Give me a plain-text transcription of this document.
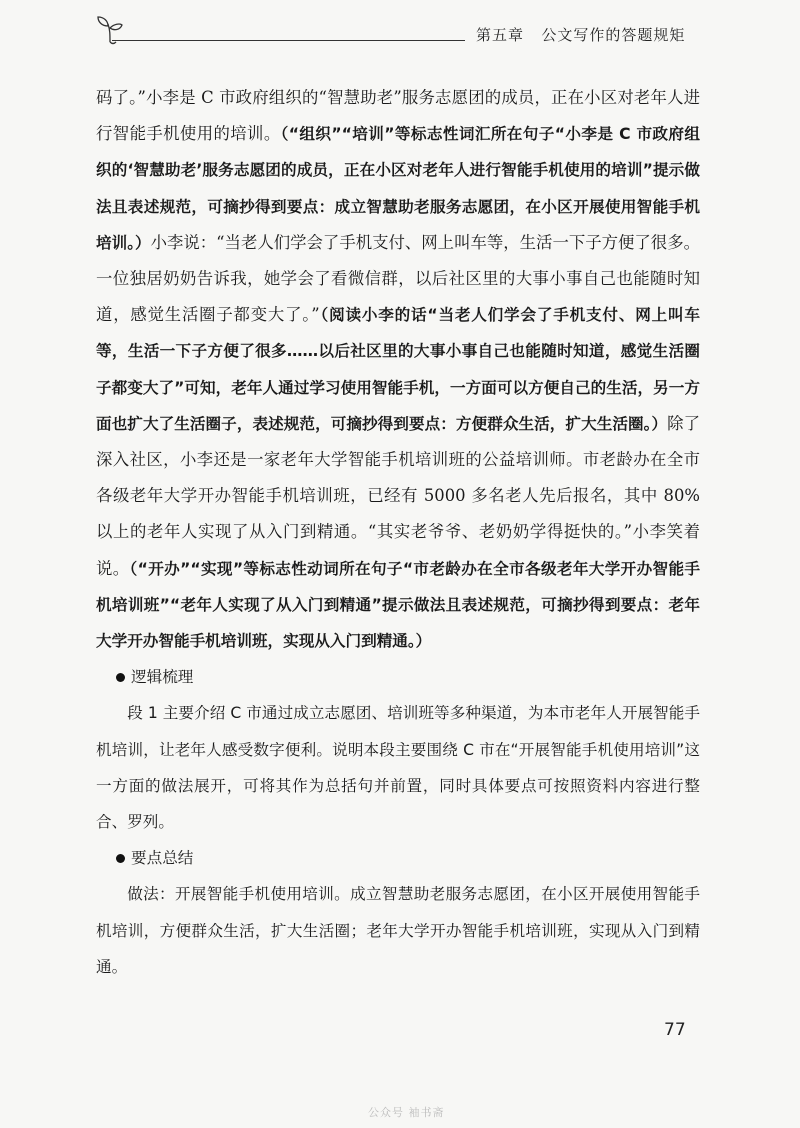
第五章 公文写作的答题规矩

码了。”小李是 C 市政府组织的“智慧助老”服务志愿团的成员，正在小区对老年人进行智能手机使用的培训。（“组织”“培训”等标志性词汇所在句子“小李是 C 市政府组织的‘智慧助老’服务志愿团的成员，正在小区对老年人进行智能手机使用的培训”提示做法且表述规范，可摘抄得到要点：成立智慧助老服务志愿团，在小区开展使用智能手机培训。）小李说：“当老人们学会了手机支付、网上叫车等，生活一下子方便了很多。一位独居奶奶告诉我，她学会了看微信群，以后社区里的大事小事自己也能随时知道，感觉生活圈子都变大了。”（阅读小李的话“当老人们学会了手机支付、网上叫车等，生活一下子方便了很多……以后社区里的大事小事自己也能随时知道，感觉生活圈子都变大了”可知，老年人通过学习使用智能手机，一方面可以方便自己的生活，另一方面也扩大了生活圈子，表述规范，可摘抄得到要点：方便群众生活，扩大生活圈。）除了深入社区，小李还是一家老年大学智能手机培训班的公益培训师。市老龄办在全市各级老年大学开办智能手机培训班，已经有 5000 多名老人先后报名，其中 80% 以上的老年人实现了从入门到精通。“其实老爷爷、老奶奶学得挺快的。”小李笑着说。（“开办”“实现”等标志性动词所在句子“市老龄办在全市各级老年大学开办智能手机培训班”“老年人实现了从入门到精通”提示做法且表述规范，可摘抄得到要点：老年大学开办智能手机培训班，实现从入门到精通。）

逻辑梳理

段 1 主要介绍 C 市通过成立志愿团、培训班等多种渠道，为本市老年人开展智能手机培训，让老年人感受数字便利。说明本段主要围绕 C 市在“开展智能手机使用培训”这一方面的做法展开，可将其作为总括句并前置，同时具体要点可按照资料内容进行整合、罗列。

要点总结

做法：开展智能手机使用培训。成立智慧助老服务志愿团，在小区开展使用智能手机培训，方便群众生活，扩大生活圈；老年大学开办智能手机培训班，实现从入门到精通。

77
公众号 袖书斋
